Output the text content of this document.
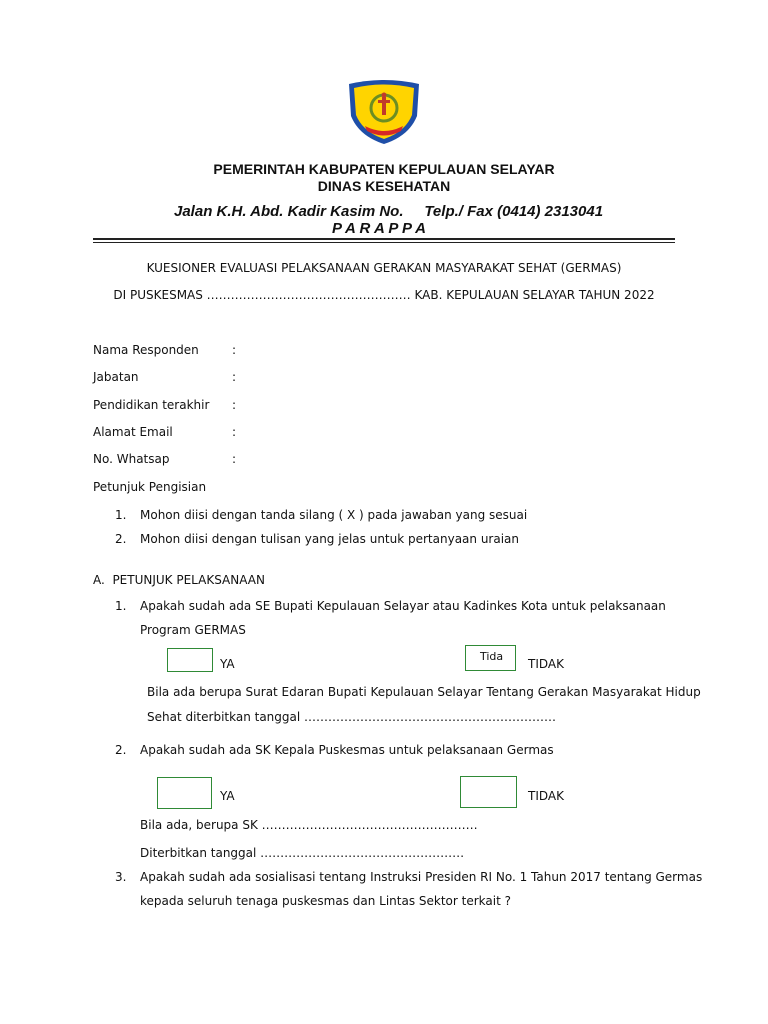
PEMERINTAH KABUPATEN KEPULAUAN SELAYAR
DINAS KESEHATAN
Jalan K.H. Abd. Kadir Kasim No.     Telp./ Fax (0414) 2313041
P A R A P P A
KUESIONER EVALUASI PELAKSANAAN GERAKAN MASYARAKAT SEHAT (GERMAS)
DI PUSKESMAS …………………………………………… KAB. KEPULAUAN SELAYAR TAHUN 2022
Nama Responden	:
Jabatan	:
Pendidikan terakhir :
Alamat Email	:
No. Whatsap	:
Petunjuk Pengisian
1. Mohon diisi dengan tanda silang ( X ) pada jawaban yang sesuai
2. Mohon diisi dengan tulisan yang jelas untuk pertanyaan uraian
A.  PETUNJUK PELAKSANAAN
1. Apakah sudah ada SE Bupati Kepulauan Selayar atau Kadinkes Kota untuk pelaksanaan
Program GERMAS
YA
Tida
TIDAK
Bila ada berupa Surat Edaran Bupati Kepulauan Selayar Tentang Gerakan Masyarakat Hidup
Sehat diterbitkan tanggal ………………………………………………………
2. Apakah sudah ada SK Kepala Puskesmas untuk pelaksanaan Germas
YA	TIDAK
Bila ada, berupa SK ………………………………………………
Diterbitkan tanggal ……………………………………………
3. Apakah sudah ada sosialisasi tentang Instruksi Presiden RI No. 1 Tahun 2017 tentang Germas
kepada seluruh tenaga puskesmas dan Lintas Sektor terkait ?
